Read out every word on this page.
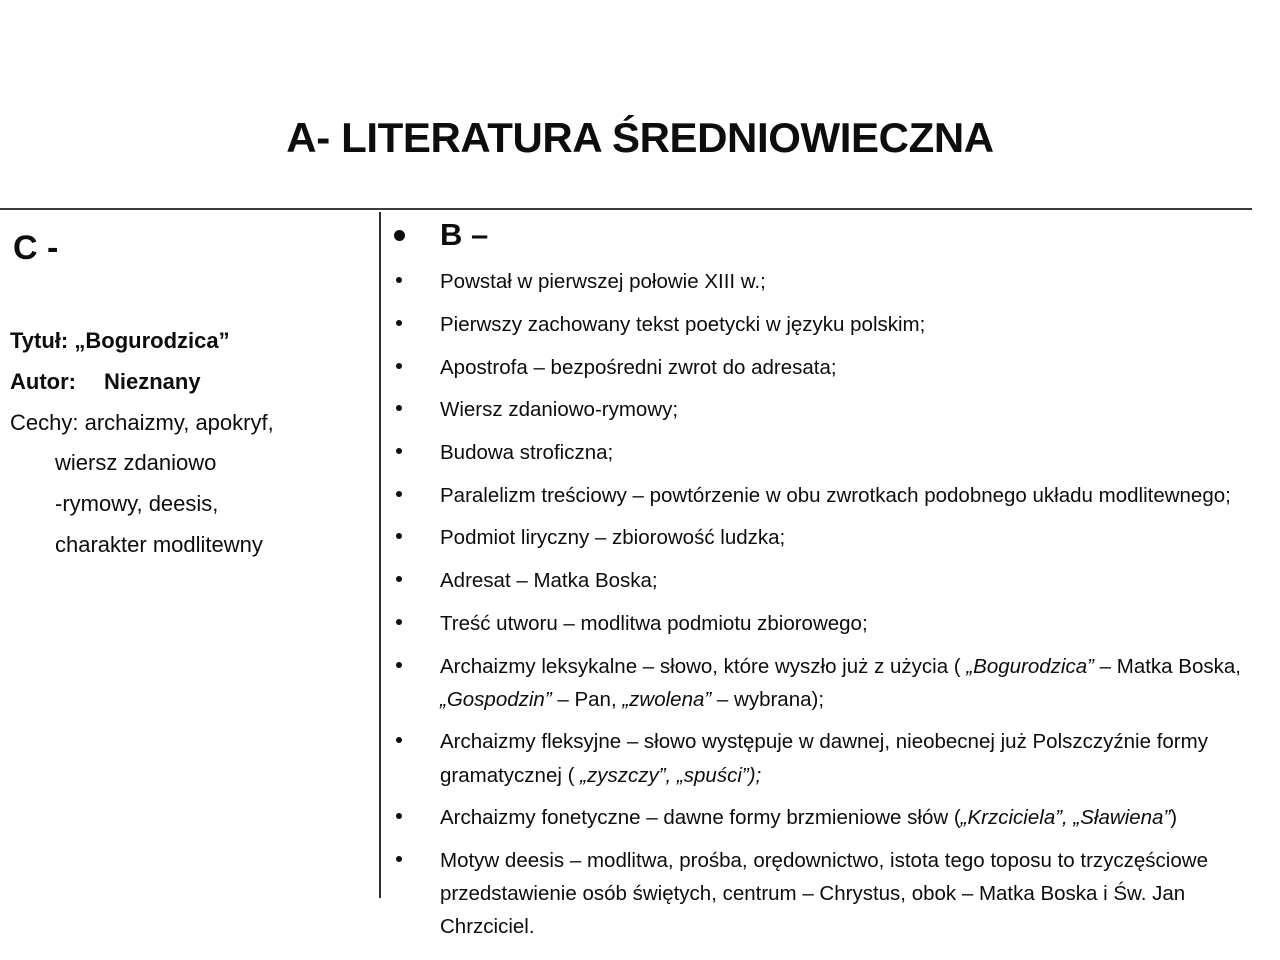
A- LITERATURA ŚREDNIOWIECZNA
C -
Tytuł: „Bogurodzica”
Autor: Nieznany
Cechy: archaizmy, apokryf,
wiersz zdaniowo
-rymowy, deesis,
charakter modlitewny
B –
Powstał w pierwszej połowie XIII w.;
Pierwszy zachowany tekst poetycki w języku polskim;
Apostrofa – bezpośredni zwrot do adresata;
Wiersz zdaniowo-rymowy;
Budowa stroficzna;
Paralelizm treściowy – powtórzenie w obu zwrotkach podobnego układu modlitewnego;
Podmiot liryczny – zbiorowość ludzka;
Adresat – Matka Boska;
Treść utworu – modlitwa podmiotu zbiorowego;
Archaizmy leksykalne – słowo, które wyszło już z użycia ( „Bogurodzica” – Matka Boska, „Gospodzin” – Pan, „zwolena” – wybrana);
Archaizmy fleksyjne – słowo występuje w dawnej, nieobecnej już Polszczyźnie formy gramatycznej ( „zyszczy”, „spuści”);
Archaizmy fonetyczne – dawne formy brzmieniowe słów („Krzciciela”, „Sławiena”)
Motyw deesis – modlitwa, prośba, orędownictwo, istota tego toposu to trzyczęściowe przedstawienie osób świętych, centrum – Chrystus, obok – Matka Boska i Św. Jan Chrzciciel.
